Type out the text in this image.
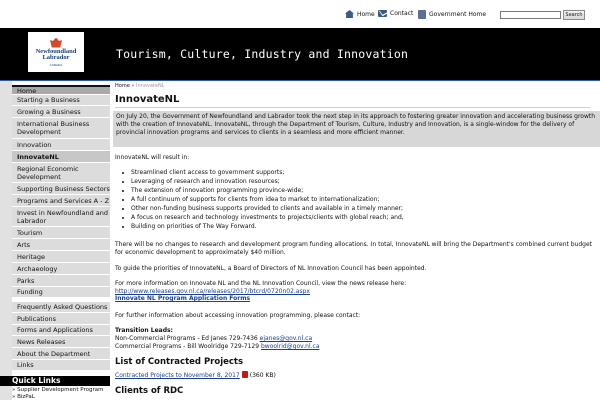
Home	Contact	Government Home	Search
Newfoundland
Labrador
CANADA
Tourism, Culture, Industry and Innovation
Home
Starting a Business
Growing a Business
International Business Development
Innovation
InnovateNL
Regional Economic Development
Supporting Business Sectors
Programs and Services A - Z
Invest in Newfoundland and Labrador
Tourism
Arts
Heritage
Archaeology
Parks
Funding
Frequently Asked Questions
Publications
Forms and Applications
News Releases
About the Department
Links
Quick Links
» Supplier Development Program
» BizPaL
Home » InnovateNL
InnovateNL
On July 20, the Government of Newfoundland and Labrador took the next step in its approach to fostering greater innovation and accelerating business growth with the creation of InnovateNL. InnovateNL, through the Department of Tourism, Culture, Industry and Innovation, is a single-window for the delivery of provincial innovation programs and services to clients in a seamless and more efficient manner.
InnovateNL will result in:
Streamlined client access to government supports;
Leveraging of research and innovation resources;
The extension of innovation programming province-wide;
A full continuum of supports for clients from idea to market to internationalization;
Other non-funding business supports provided to clients and available in a timely manner;
A focus on research and technology investments to projects/clients with global reach; and,
Building on priorities of The Way Forward.
There will be no changes to research and development program funding allocations. In total, InnovateNL will bring the Department's combined current budget for economic development to approximately $40 million.
To guide the priorities of InnovateNL, a Board of Directors of NL Innovation Council has been appointed.
For more information on Innovate NL and the NL Innovation Council, view the news release here: http://www.releases.gov.nl.ca/releases/2017/btcrd/0720n02.aspx
Innovate NL Program Application Forms
For further information about accessing innovation programming, please contact:
Transition Leads:
Non-Commercial Programs - Ed Janes 729-7436 ejanes@gov.nl.ca
Commercial Programs - Bill Woolridge 729-7129 bwoolrid@gov.nl.ca
List of Contracted Projects
Contracted Projects to November 8, 2017 (360 KB)
Clients of RDC
